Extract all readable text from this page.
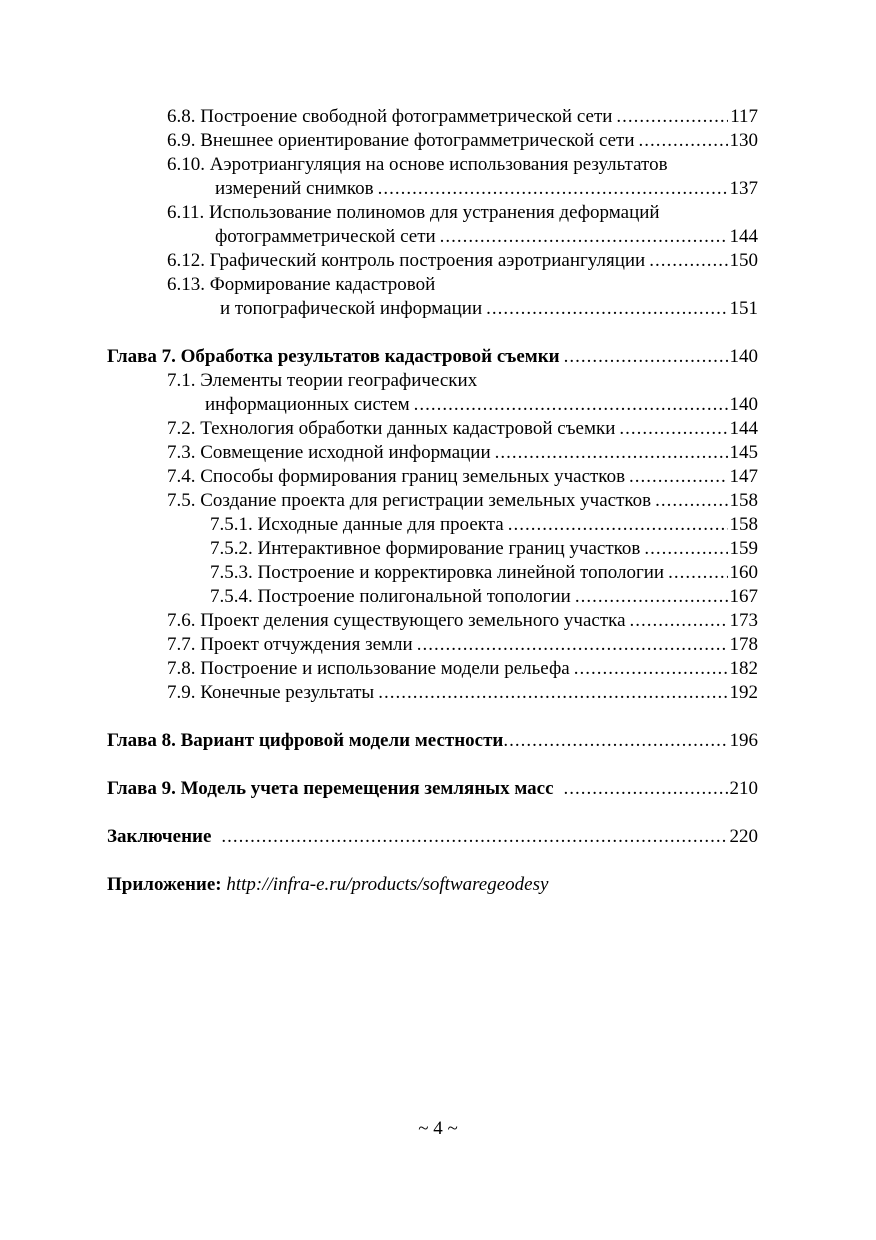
6.8. Построение свободной фотограмметрической сети .....	117
6.9. Внешнее ориентирование фотограмметрической сети .....	130
6.10. Аэротриангуляция на основе использования результатов
измерений снимков .....	137
6.11. Использование полиномов для устранения деформаций
фотограмметрической сети .....	144
6.12. Графический контроль построения аэротриангуляции .....	150
6.13. Формирование кадастровой
и топографической информации .....	151
Глава 7. Обработка результатов кадастровой съемки .....	140
7.1. Элементы теории географических
информационных систем .....	140
7.2. Технология обработки данных кадастровой съемки .....	144
7.3. Совмещение исходной информации .....	145
7.4. Способы формирования границ земельных участков .....	147
7.5. Создание проекта для регистрации земельных участков .....	158
7.5.1. Исходные данные для проекта .....	158
7.5.2. Интерактивное формирование границ участков .....	159
7.5.3. Построение и корректировка линейной топологии .....	160
7.5.4. Построение полигональной топологии .....	167
7.6. Проект деления существующего земельного участка .....	173
7.7. Проект отчуждения земли .....	178
7.8. Построение и использование модели рельефа .....	182
7.9. Конечные результаты .....	192
Глава 8. Вариант цифровой модели местности .....	196
Глава 9. Модель учета перемещения земляных масс .....	210
Заключение .....	220
Приложение: http://infra-e.ru/products/softwaregeodesy
~ 4 ~
